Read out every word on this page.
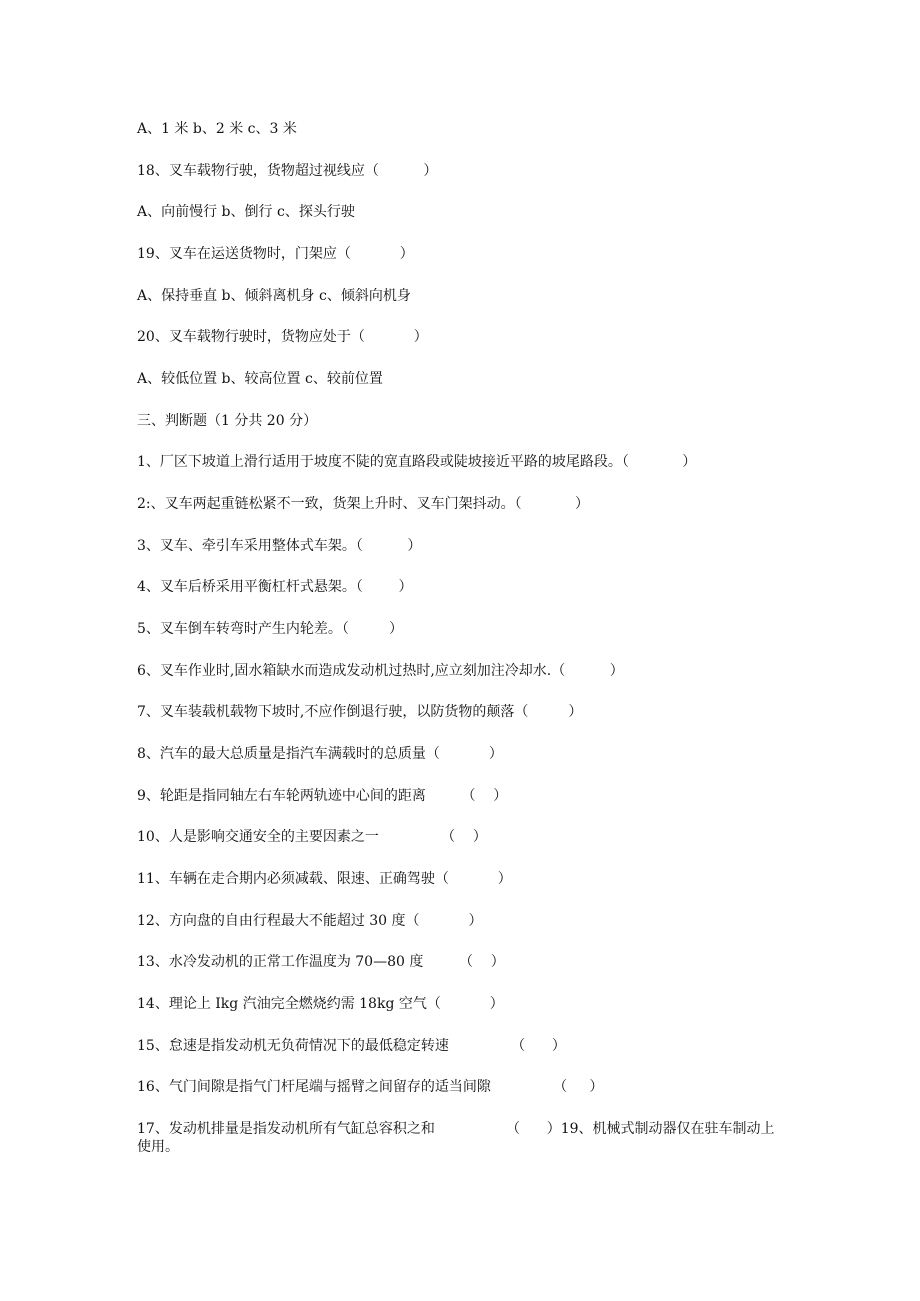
A、1 米 b、2 米 c、3 米
18、叉车载物行驶，货物超过视线应（          ）
A、向前慢行 b、倒行 c、探头行驶
19、叉车在运送货物时，门架应（           ）
A、保持垂直 b、倾斜离机身 c、倾斜向机身
20、叉车载物行驶时，货物应处于（           ）
A、较低位置 b、较高位置 c、较前位置
三、判断题（1 分共 20 分）
1、厂区下坡道上滑行适用于坡度不陡的宽直路段或陡坡接近平路的坡尾路段。（            ）
2:、叉车两起重链松紧不一致，货架上升时、叉车门架抖动。（            ）
3、叉车、牵引车采用整体式车架。（          ）
4、叉车后桥采用平衡杠杆式悬架。（        ）
5、叉车倒车转弯时产生内轮差。（         ）
6、叉车作业时,固水箱缺水而造成发动机过热时,应立刻加注冷却水.（          ）
7、叉车装载机载物下坡时,不应作倒退行驶，以防货物的颠落（         ）
8、汽车的最大总质量是指汽车满载时的总质量（           ）
9、轮距是指同轴左右车轮两轨迹中心间的距离        （    ）
10、人是影响交通安全的主要因素之一              （    ）
11、车辆在走合期内必须减载、限速、正确驾驶（           ）
12、方向盘的自由行程最大不能超过 30 度（           ）
13、水冷发动机的正常工作温度为 70—80 度        （    ）
14、理论上 Ikg 汽油完全燃烧约需 18kg 空气（           ）
15、怠速是指发动机无负荷情况下的最低稳定转速              （      ）
16、气门间隙是指气门杆尾端与摇臂之间留存的适当间隙              （     ）
17、发动机排量是指发动机所有气缸总容积之和                （      ）19、机械式制动器仅在驻车制动上使用。
